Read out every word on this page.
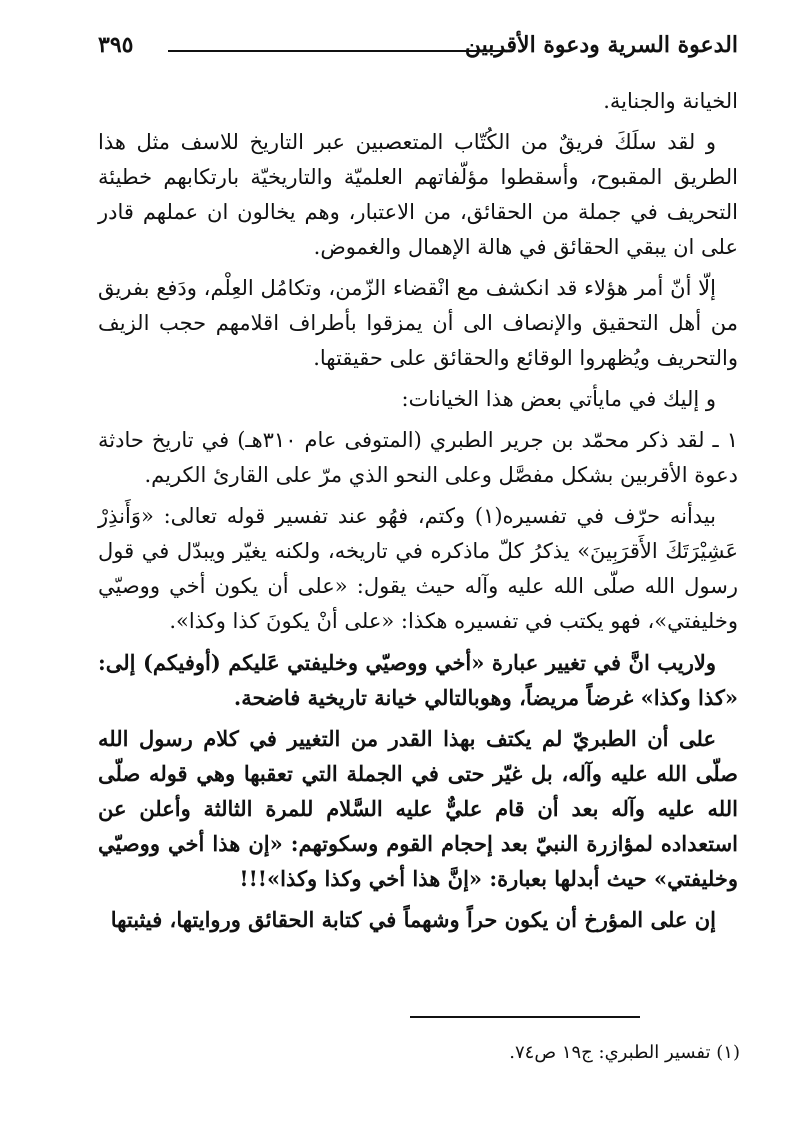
الدعوة السرية ودعوة الأقربين
٣٩٥

الخيانة والجناية.

و لقد سلَكَ فريقٌ من الكُتّاب المتعصبين عبر التاريخ للاسف مثل هذا الطريق المقبوح، وأسقطوا مؤلّفاتهم العلميّة والتاريخيّة بارتكابهم خطيئة التحريف في جملة من الحقائق، من الاعتبار، وهم يخالون ان عملهم قادر على ان يبقي الحقائق في هالة الإهمال والغموض.

إلّا أنّ أمر هؤلاء قد انكشف مع انْقضاء الزّمن، وتكامُل العِلْم، ودَفع بفريق من أهل التحقيق والإنصاف الى أن يمزقوا بأطراف اقلامهم حجب الزيف والتحريف ويُظهروا الوقائع والحقائق على حقيقتها.

و إليك في مايأتي بعض هذا الخيانات:

١ ـ لقد ذكر محمّد بن جرير الطبري (المتوفى عام ٣١٠هـ) في تاريخ حادثة دعوة الأقربين بشكل مفصَّل وعلى النحو الذي مرّ على القارئ الكريم.

بيدأنه حرّف في تفسيره(١) وكتم، فهُو عند تفسير قوله تعالى: «وَأَنذِرْ عَشِيْرَتَكَ الأَقرَبِينَ» يذكرُ كلّ ماذكره في تاريخه، ولكنه يغيّر ويبدّل في قول رسول الله صلّى الله عليه وآله حيث يقول: «على أن يكون أخي ووصيّي وخليفتي»، فهو يكتب في تفسيره هكذا: «على أنْ يكونَ كذا وكذا».

ولاريب انَّ في تغيير عبارة «أخي ووصيّي وخليفتي عَليكم (أوفيكم) إلى: «كذا وكذا» غرضاً مريضاً، وهوبالتالي خيانة تاريخية فاضحة.

على أن الطبريّ لم يكتف بهذا القدر من التغيير في كلام رسول الله صلّى الله عليه وآله، بل غيّر حتى في الجملة التي تعقبها وهي قوله صلّى الله عليه وآله بعد أن قام عليٌّ عليه السَّلام للمرة الثالثة وأعلن عن استعداده لمؤازرة النبيّ بعد إحجام القوم وسكوتهم: «إن هذا أخي ووصيّي وخليفتي» حيث أبدلها بعبارة: «إنَّ هذا أخي وكذا وكذا»!!!

إن على المؤرخ أن يكون حراً وشهماً في كتابة الحقائق وروايتها، فيثبتها

(١) تفسير الطبري: ج١٩ ص٧٤.
